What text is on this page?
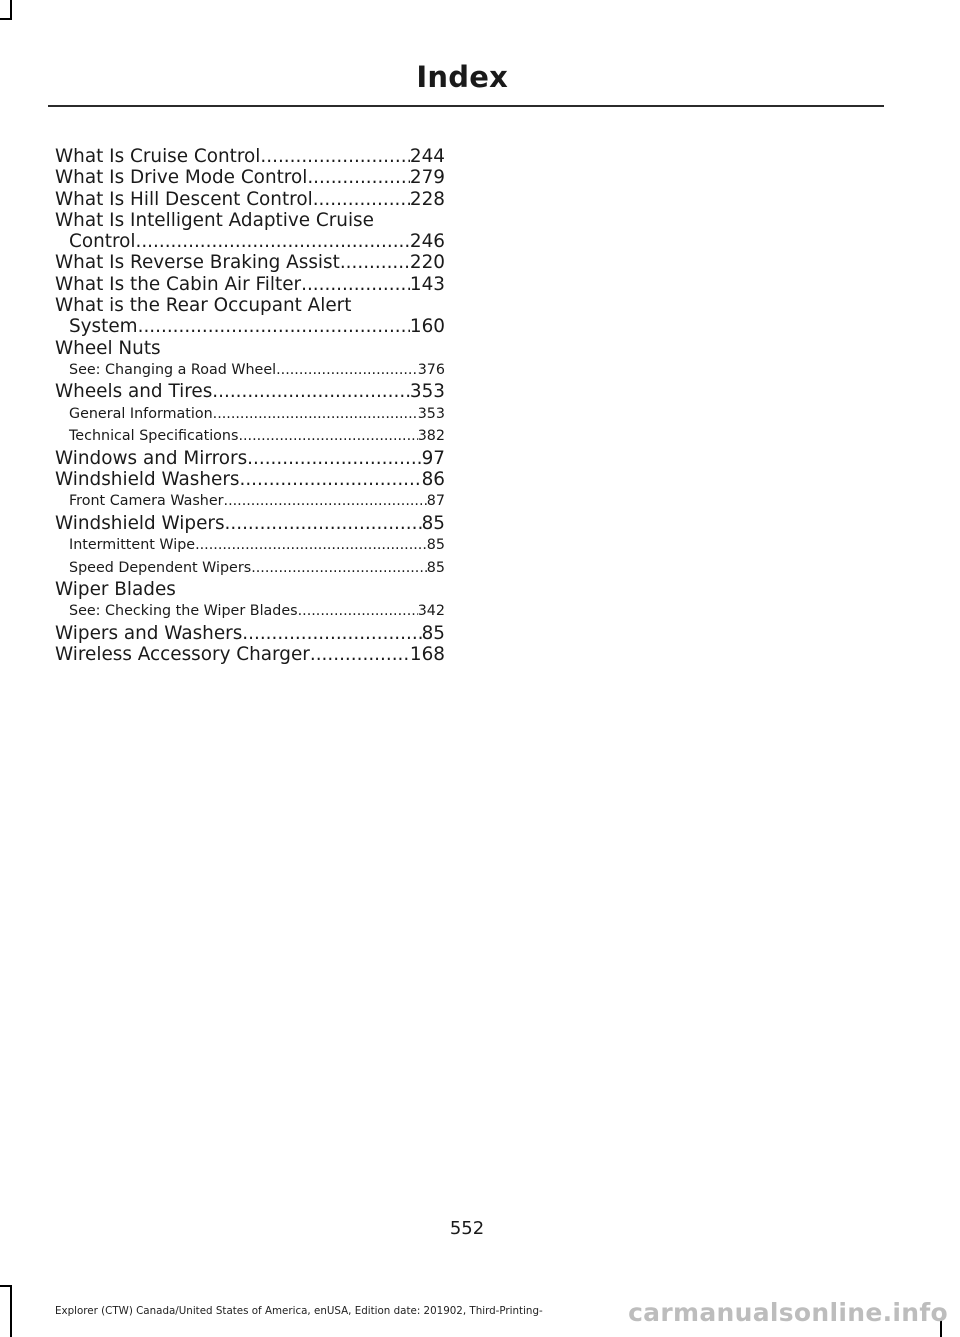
Index
What Is Cruise Control .....	244
What Is Drive Mode Control .....	279
What Is Hill Descent Control .....	228
What Is Intelligent Adaptive Cruise
Control .....	246
What Is Reverse Braking Assist .....	220
What Is the Cabin Air Filter .....	143
What is the Rear Occupant Alert
System .....	160
Wheel Nuts
See: Changing a Road Wheel .....	376
Wheels and Tires .....	353
General Information .....	353
Technical Specifications .....	382
Windows and Mirrors .....	97
Windshield Washers .....	86
Front Camera Washer .....	87
Windshield Wipers .....	85
Intermittent Wipe .....	85
Speed Dependent Wipers .....	85
Wiper Blades
See: Checking the Wiper Blades .....	342
Wipers and Washers .....	85
Wireless Accessory Charger .....	168
552
Explorer (CTW) Canada/United States of America, enUSA, Edition date: 201902, Third-Printing-	carmanualsonline.info
